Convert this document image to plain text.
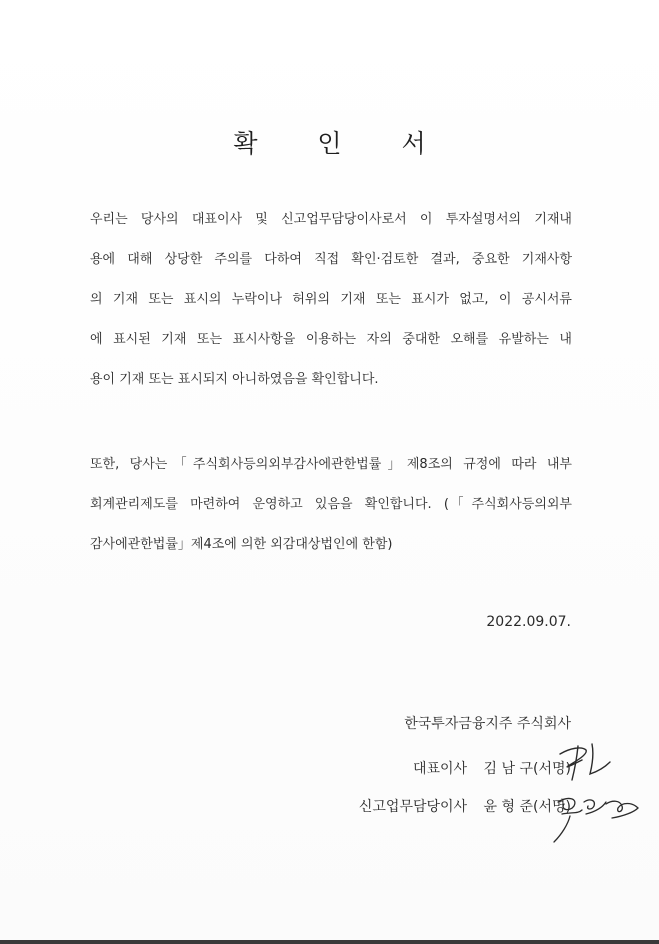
확 인 서
우리는 당사의 대표이사 및 신고업무담당이사로서 이 투자설명서의 기재내
용에 대해 상당한 주의를 다하여 직접 확인·검토한 결과, 중요한 기재사항
의 기재 또는 표시의 누락이나 허위의 기재 또는 표시가 없고, 이 공시서류
에 표시된 기재 또는 표시사항을 이용하는 자의 중대한 오해를 유발하는 내
용이 기재 또는 표시되지 아니하였음을 확인합니다.
또한, 당사는「주식회사등의외부감사에관한법률」제8조의 규정에 따라 내부
회계관리제도를 마련하여 운영하고 있음을 확인합니다. (「주식회사등의외부
감사에관한법률」제4조에 의한 외감대상법인에 한함)
2022.09.07.
한국투자금융지주 주식회사
대표이사 김 남 구(서명)
신고업무담당이사 윤 형 준(서명)
